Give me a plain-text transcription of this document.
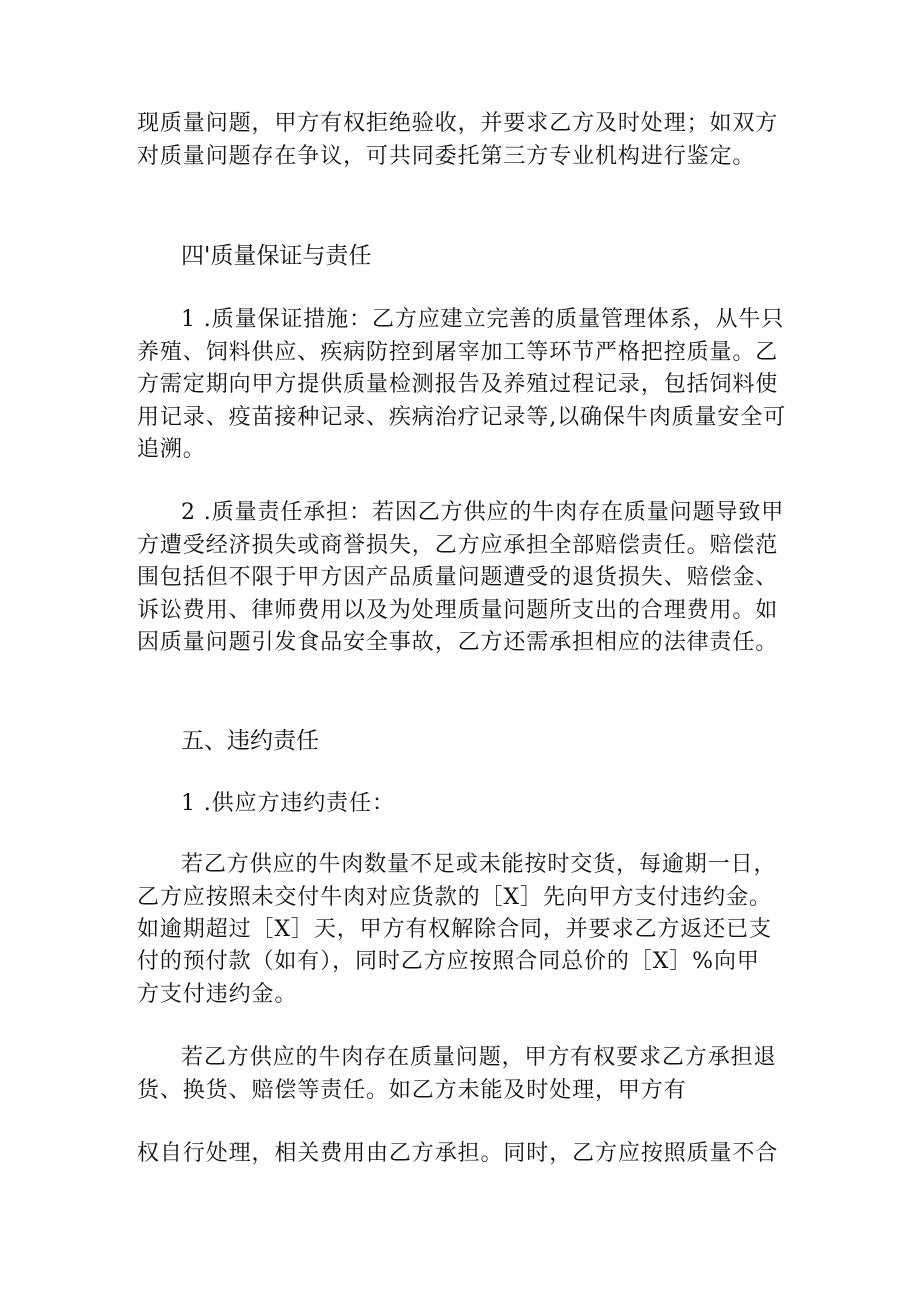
现质量问题，甲方有权拒绝验收，并要求乙方及时处理；如双方
对质量问题存在争议，可共同委托第三方专业机构进行鉴定。
四'质量保证与责任
1 .质量保证措施：乙方应建立完善的质量管理体系，从牛只
养殖、饲料供应、疾病防控到屠宰加工等环节严格把控质量。乙
方需定期向甲方提供质量检测报告及养殖过程记录，包括饲料使
用记录、疫苗接种记录、疾病治疗记录等,以确保牛肉质量安全可
追溯。
2 .质量责任承担：若因乙方供应的牛肉存在质量问题导致甲
方遭受经济损失或商誉损失，乙方应承担全部赔偿责任。赔偿范
围包括但不限于甲方因产品质量问题遭受的退货损失、赔偿金、
诉讼费用、律师费用以及为处理质量问题所支出的合理费用。如
因质量问题引发食品安全事故，乙方还需承担相应的法律责任。
五、违约责任
1 .供应方违约责任：
若乙方供应的牛肉数量不足或未能按时交货，每逾期一日，
乙方应按照未交付牛肉对应货款的［X］先向甲方支付违约金。
如逾期超过［X］天，甲方有权解除合同，并要求乙方返还已支
付的预付款（如有），同时乙方应按照合同总价的［X］%向甲
方支付违约金。
若乙方供应的牛肉存在质量问题，甲方有权要求乙方承担退
货、换货、赔偿等责任。如乙方未能及时处理，甲方有
权自行处理，相关费用由乙方承担。同时，乙方应按照质量不合
